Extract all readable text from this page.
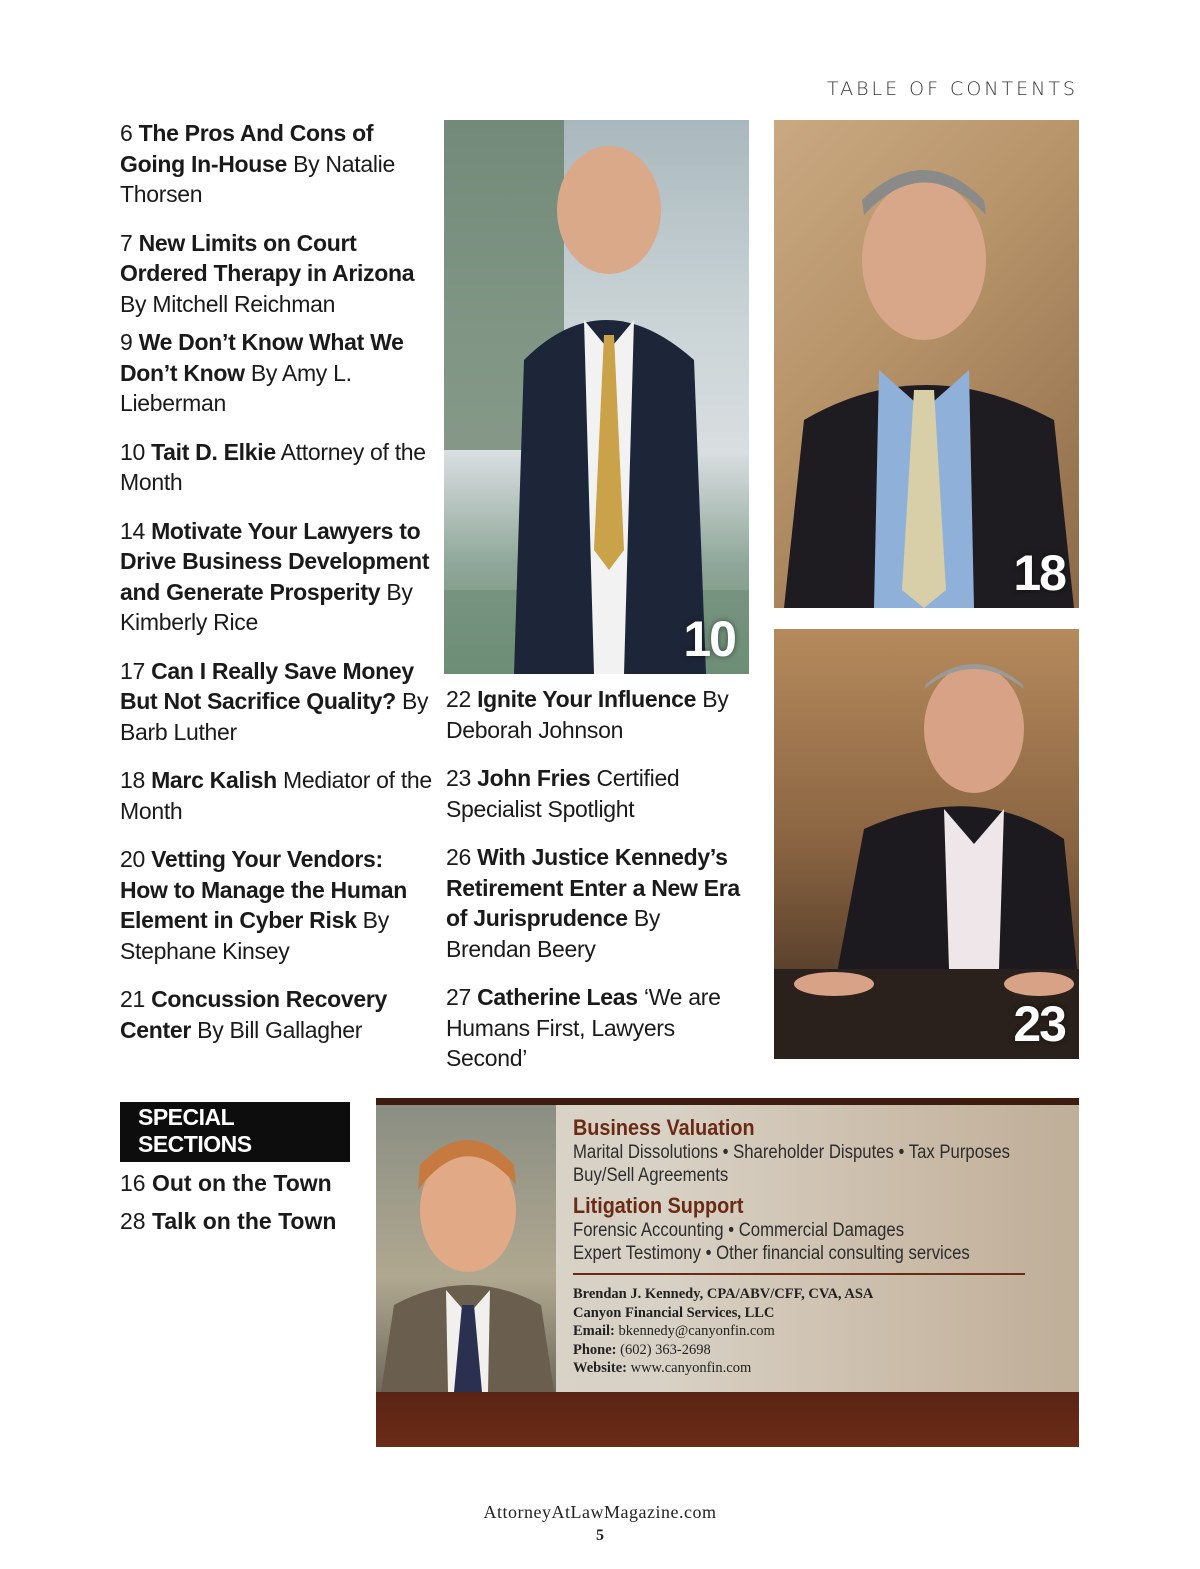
TABLE OF CONTENTS
6 The Pros And Cons of Going In-House By Natalie Thorsen
7 New Limits on Court Ordered Therapy in Arizona By Mitchell Reichman
9 We Don’t Know What We Don’t Know By Amy L. Lieberman
10 Tait D. Elkie Attorney of the Month
14 Motivate Your Lawyers to Drive Business Development and Generate Prosperity By Kimberly Rice
17 Can I Really Save Money But Not Sacrifice Quality? By Barb Luther
18 Marc Kalish Mediator of the Month
20 Vetting Your Vendors: How to Manage the Human Element in Cyber Risk By Stephane Kinsey
21 Concussion Recovery Center By Bill Gallagher
22 Ignite Your Influence By Deborah Johnson
23 John Fries Certified Specialist Spotlight
26 With Justice Kennedy’s Retirement Enter a New Era of Jurisprudence By Brendan Beery
27 Catherine Leas ‘We are Humans First, Lawyers Second’
10
18
23
SPECIAL SECTIONS
16 Out on the Town
28 Talk on the Town
Business Valuation
Marital Dissolutions • Shareholder Disputes • Tax Purposes
Buy/Sell Agreements
Litigation Support
Forensic Accounting • Commercial Damages
Expert Testimony • Other financial consulting services
Brendan J. Kennedy, CPA/ABV/CFF, CVA, ASA
Canyon Financial Services, LLC
Email: bkennedy@canyonfin.com
Phone: (602) 363-2698
Website: www.canyonfin.com
AttorneyAtLawMagazine.com
5
